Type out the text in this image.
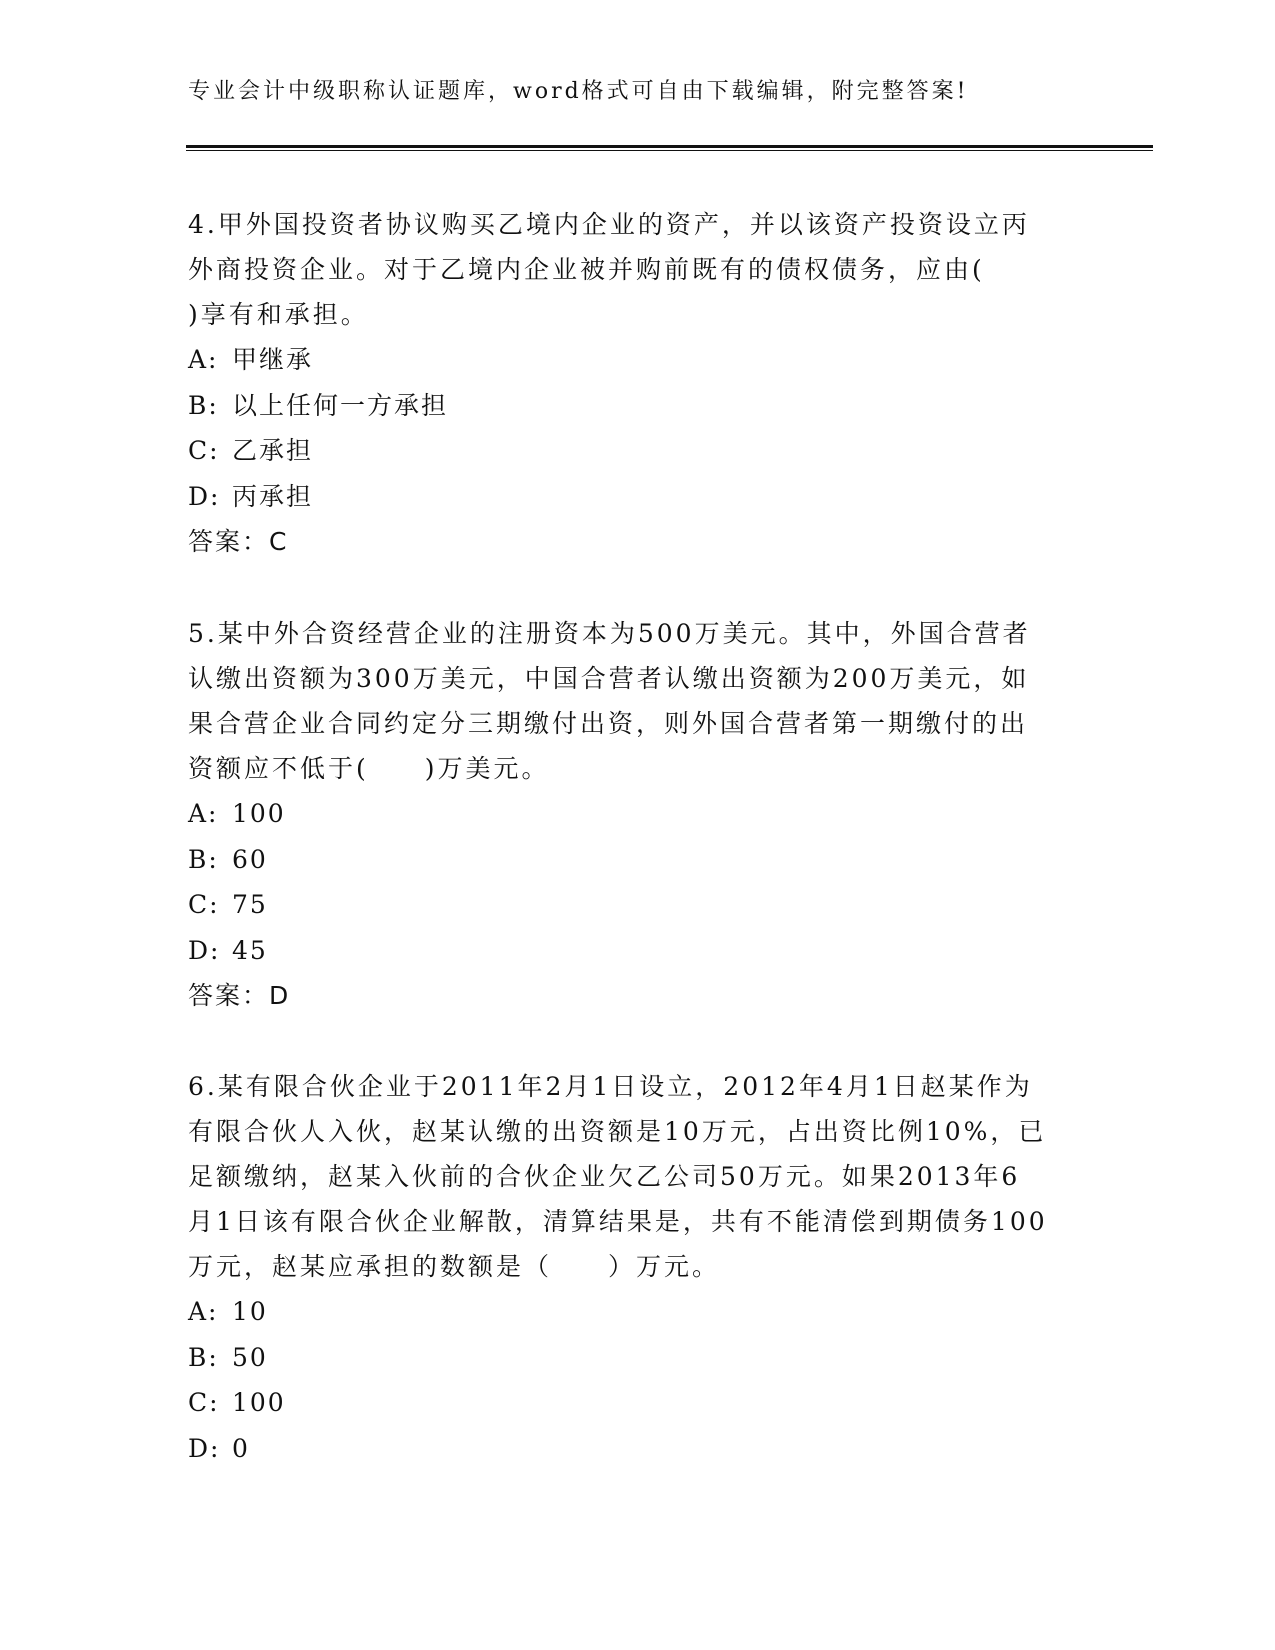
专业会计中级职称认证题库，word格式可自由下载编辑，附完整答案!

4.甲外国投资者协议购买乙境内企业的资产，并以该资产投资设立丙
外商投资企业。对于乙境内企业被并购前既有的债权债务，应由(
)享有和承担。

A: 甲继承
B: 以上任何一方承担
C: 乙承担
D: 丙承担
答案：C

5.某中外合资经营企业的注册资本为500万美元。其中，外国合营者
认缴出资额为300万美元，中国合营者认缴出资额为200万美元，如
果合营企业合同约定分三期缴付出资，则外国合营者第一期缴付的出
资额应不低于(　　)万美元。

A: 100
B: 60
C: 75
D: 45
答案：D

6.某有限合伙企业于2011年2月1日设立，2012年4月1日赵某作为
有限合伙人入伙，赵某认缴的出资额是10万元，占出资比例10%，已
足额缴纳，赵某入伙前的合伙企业欠乙公司50万元。如果2013年6
月1日该有限合伙企业解散，清算结果是，共有不能清偿到期债务100
万元，赵某应承担的数额是（　　）万元。

A: 10
B: 50
C: 100
D: 0
